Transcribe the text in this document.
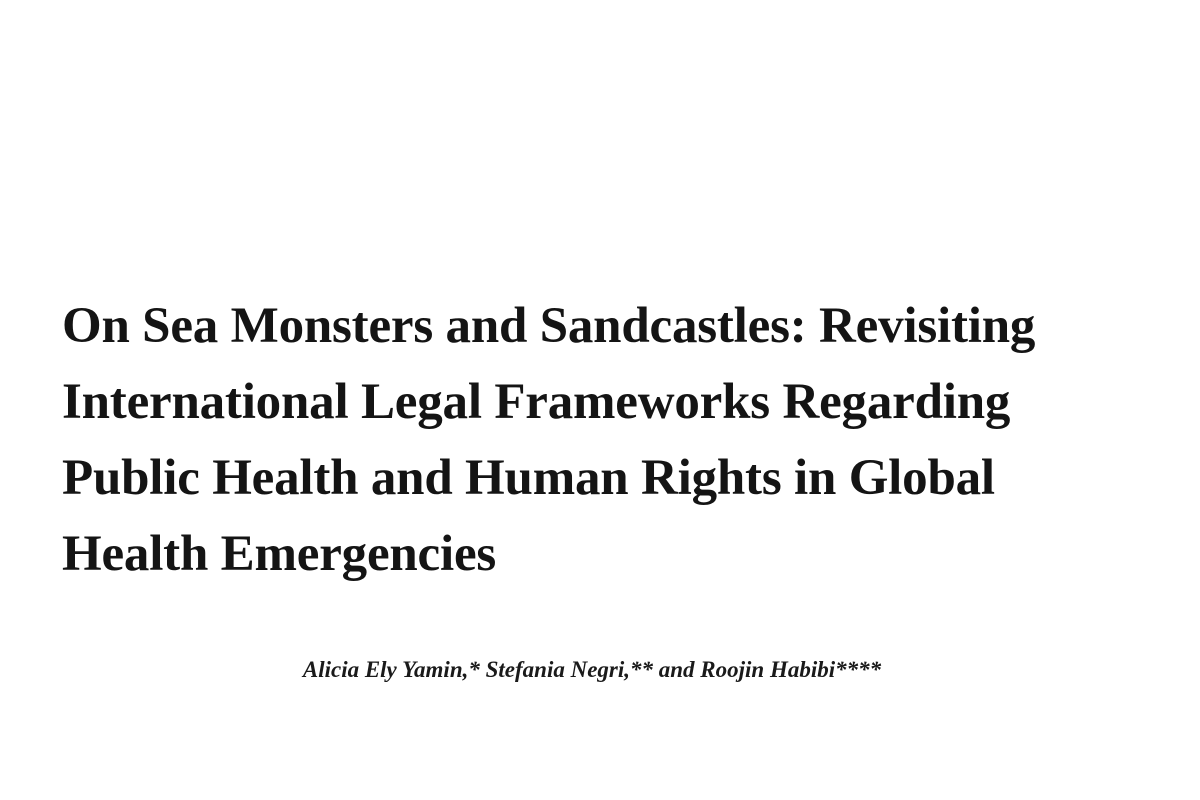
On Sea Monsters and Sandcastles: Revisiting International Legal Frameworks Regarding Public Health and Human Rights in Global Health Emergencies

Alicia Ely Yamin,* Stefania Negri,** and Roojin Habibi****
